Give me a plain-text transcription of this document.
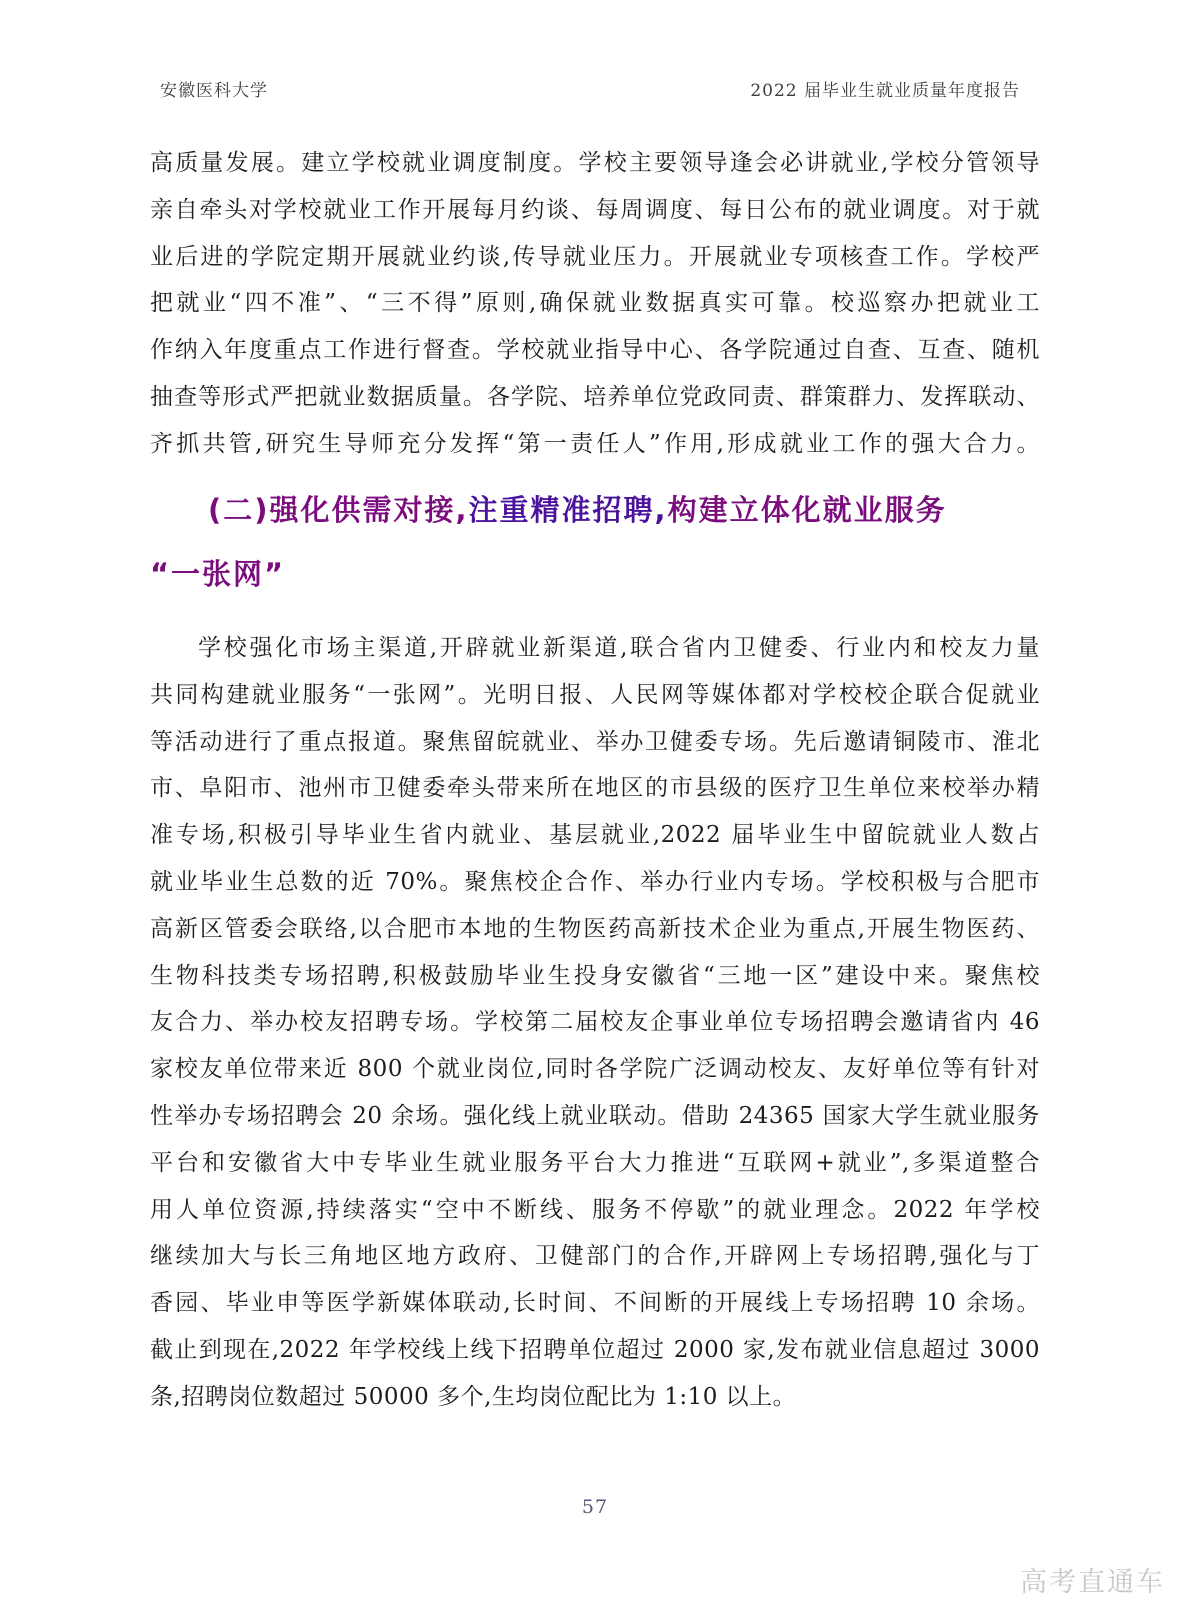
安徽医科大学	2022 届毕业生就业质量年度报告
高质量发展。建立学校就业调度制度。学校主要领导逢会必讲就业,学校分管领导
亲自牵头对学校就业工作开展每月约谈、每周调度、每日公布的就业调度。对于就
业后进的学院定期开展就业约谈,传导就业压力。开展就业专项核查工作。学校严
把就业“四不准”、“三不得”原则,确保就业数据真实可靠。校巡察办把就业工
作纳入年度重点工作进行督查。学校就业指导中心、各学院通过自查、互查、随机
抽查等形式严把就业数据质量。各学院、培养单位党政同责、群策群力、发挥联动、
齐抓共管,研究生导师充分发挥“第一责任人”作用,形成就业工作的强大合力。
(二)强化供需对接,注重精准招聘,构建立体化就业服务
“一张网”
学校强化市场主渠道,开辟就业新渠道,联合省内卫健委、行业内和校友力量
共同构建就业服务“一张网”。光明日报、人民网等媒体都对学校校企联合促就业
等活动进行了重点报道。聚焦留皖就业、举办卫健委专场。先后邀请铜陵市、淮北
市、阜阳市、池州市卫健委牵头带来所在地区的市县级的医疗卫生单位来校举办精
准专场,积极引导毕业生省内就业、基层就业,2022 届毕业生中留皖就业人数占
就业毕业生总数的近 70%。聚焦校企合作、举办行业内专场。学校积极与合肥市
高新区管委会联络,以合肥市本地的生物医药高新技术企业为重点,开展生物医药、
生物科技类专场招聘,积极鼓励毕业生投身安徽省“三地一区”建设中来。聚焦校
友合力、举办校友招聘专场。学校第二届校友企事业单位专场招聘会邀请省内 46
家校友单位带来近 800 个就业岗位,同时各学院广泛调动校友、友好单位等有针对
性举办专场招聘会 20 余场。强化线上就业联动。借助 24365 国家大学生就业服务
平台和安徽省大中专毕业生就业服务平台大力推进“互联网+就业”,多渠道整合
用人单位资源,持续落实“空中不断线、服务不停歇”的就业理念。2022 年学校
继续加大与长三角地区地方政府、卫健部门的合作,开辟网上专场招聘,强化与丁
香园、毕业申等医学新媒体联动,长时间、不间断的开展线上专场招聘 10 余场。
截止到现在,2022 年学校线上线下招聘单位超过 2000 家,发布就业信息超过 3000
条,招聘岗位数超过 50000 多个,生均岗位配比为 1:10 以上。
57
高考直通车
